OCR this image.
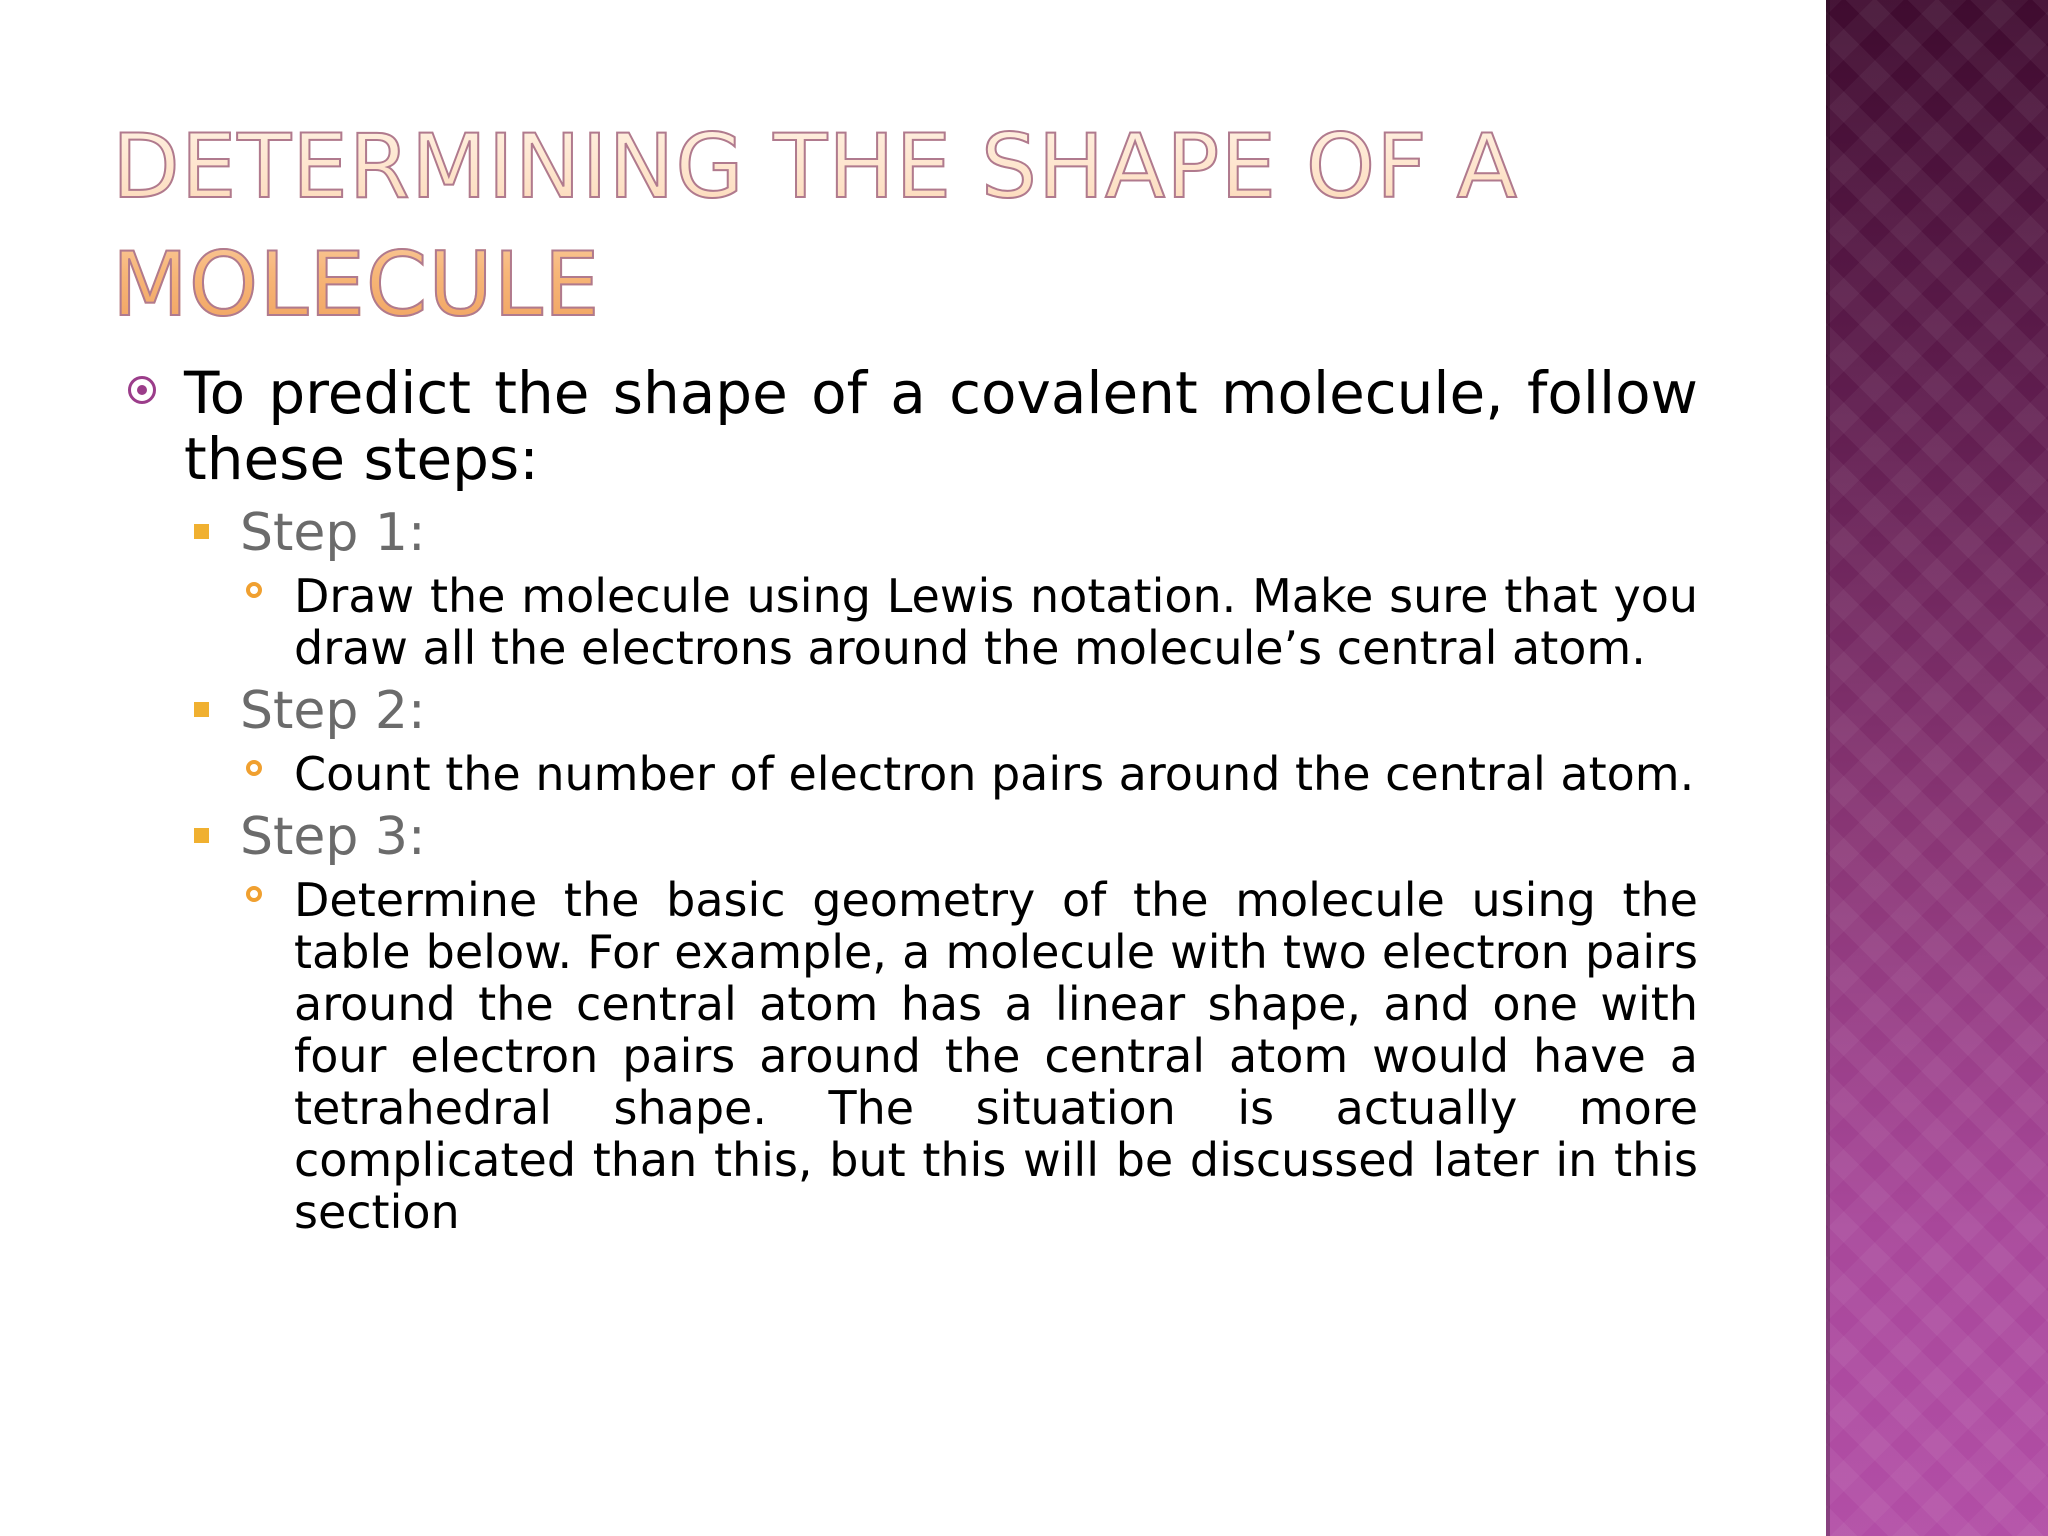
DETERMINING THE SHAPE OF A
MOLECULE
To predict the shape of a covalent molecule, follow these steps:
Step 1:
Draw the molecule using Lewis notation. Make sure that you draw all the electrons around the molecule’s central atom.
Step 2:
Count the number of electron pairs around the central atom.
Step 3:
Determine the basic geometry of the molecule using the table below. For example, a molecule with two electron pairs around the central atom has a linear shape, and one with four electron pairs around the central atom would have a tetrahedral shape. The situation is actually more complicated than this, but this will be discussed later in this section
